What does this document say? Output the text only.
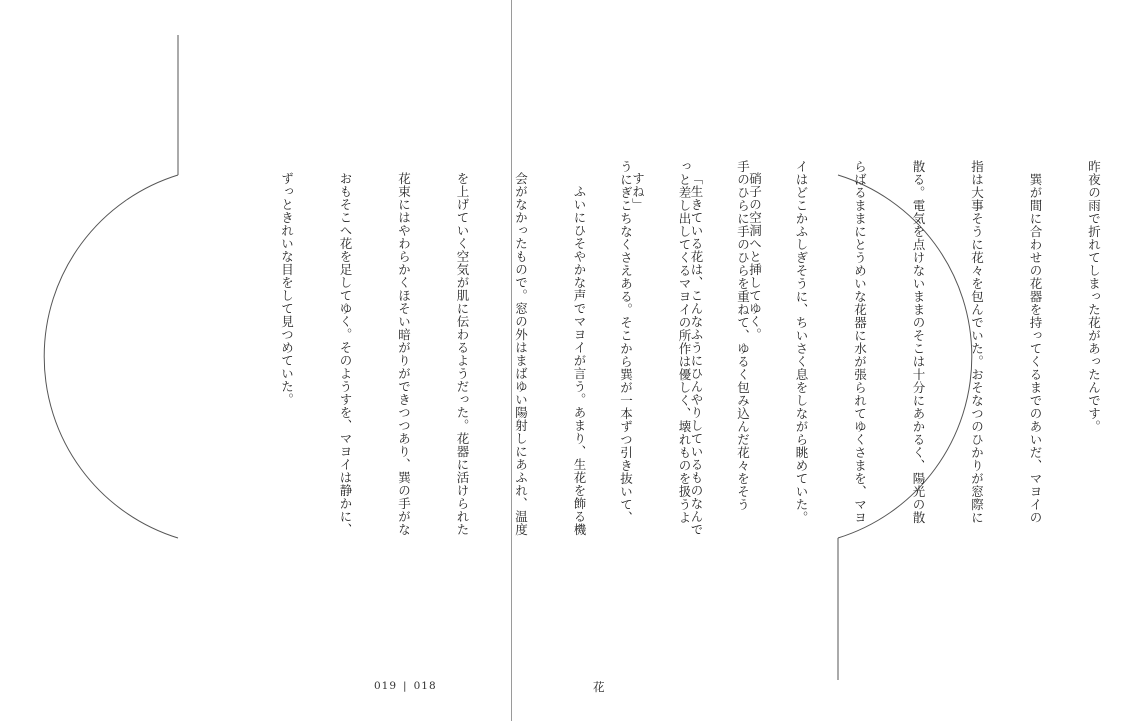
硝子の空洞へと挿してゆく。

「生きている花は、こんなふうにひんやりしているものなんで

すね」

　ふいにひそやかな声でマヨイが言う。あまり、生花を飾る機

会がなかったもので。窓の外はまばゆい陽射しにあふれ、温度

を上げていく空気が肌に伝わるようだった。花器に活けられた

花束にはやわらかくほそい暗がりができつつあり、巽の手がな

おもそこへ花を足してゆく。そのようすを、マヨイは静かに、

ずっときれいな目をして見つめていた。

	昨夜の雨で折れてしまった花があったんです。

　巽が間に合わせの花器を持ってくるまでのあいだ、マヨイの

指は大事そうに花々を包んでいた。おそなつのひかりが窓際に

散る。電気を点けないままのそこは十分にあかるく、陽光の散

らばるままにとうめいな花器に水が張られてゆくさまを、マヨ

イはどこかふしぎそうに、ちいさく息をしながら眺めていた。

手のひらに手のひらを重ねて、ゆるく包み込んだ花々をそう

っと差し出してくるマヨイの所作は優しく、壊れものを扱うよ

うにぎこちなくさえある。そこから巽が一本ずつ引き抜いて、

019 | 018	花
